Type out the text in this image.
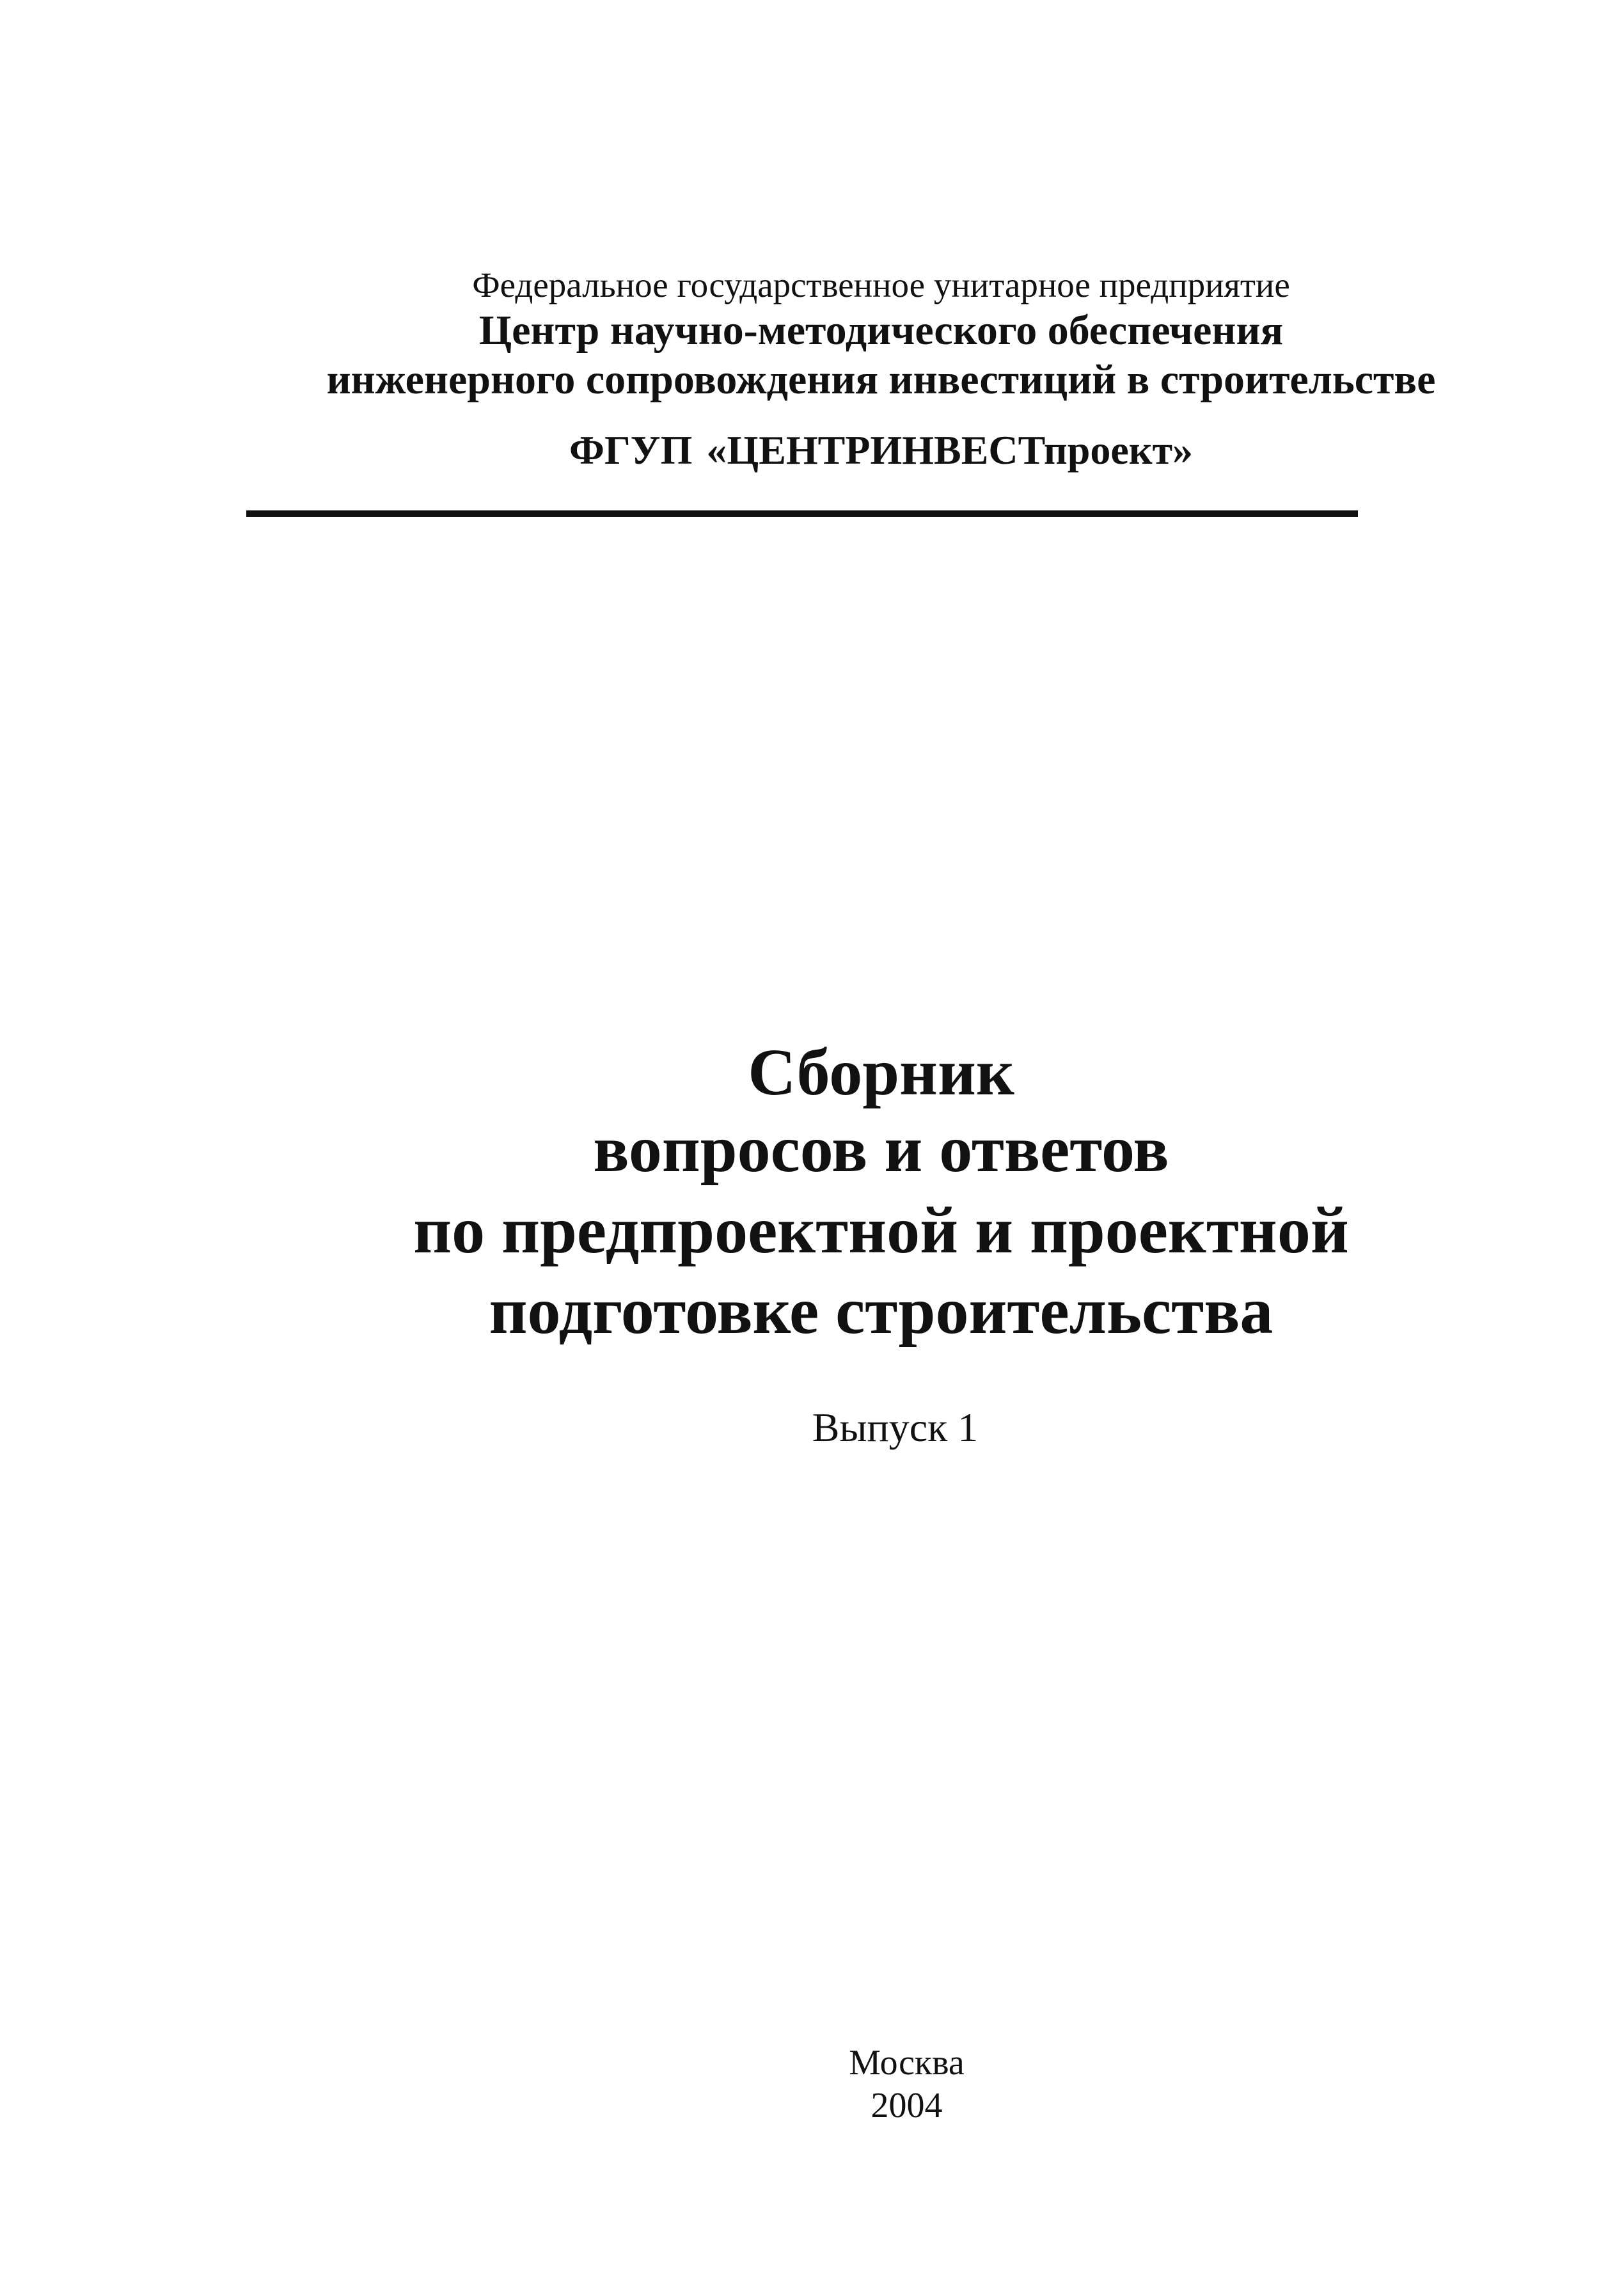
Федеральное государственное унитарное предприятие
Центр научно-методического обеспечения
инженерного сопровождения инвестиций в строительстве
ФГУП «ЦЕНТРИНВЕСТпроект»
Сборник
вопросов и ответов
по предпроектной и проектной
подготовке строительства
Выпуск 1
Москва
2004
